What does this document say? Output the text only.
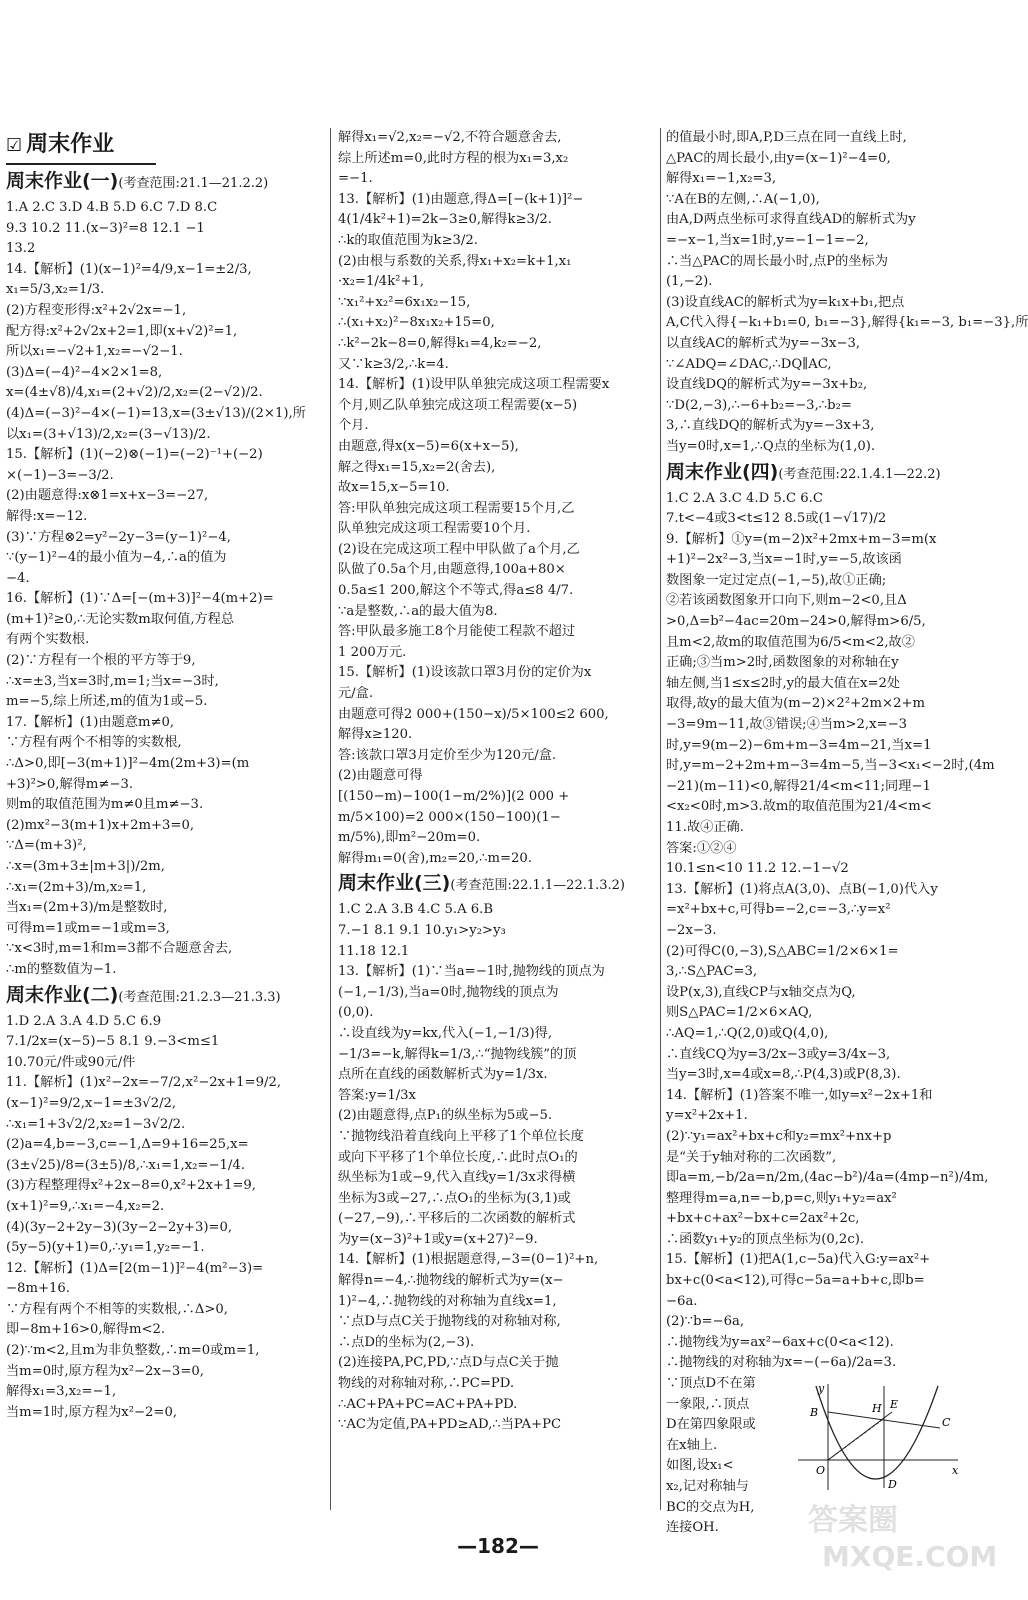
☑ 周末作业
周末作业(一)(考查范围:21.1—21.2.2)
1.A 2.C 3.D 4.B 5.D 6.C 7.D 8.C
9.3 10.2 11.(x−3)²=8 12.1 −1
13.2
14.【解析】(1)(x−1)²=4/9,x−1=±2/3,
x₁=5/3,x₂=1/3.
(2)方程变形得:x²+2√2x=−1,
配方得:x²+2√2x+2=1,即(x+√2)²=1,
所以x₁=−√2+1,x₂=−√2−1.
(3)Δ=(−4)²−4×2×1=8,
x=(4±√8)/4,x₁=(2+√2)/2,x₂=(2−√2)/2.
(4)Δ=(−3)²−4×(−1)=13,x=(3±√13)/(2×1),所
以x₁=(3+√13)/2,x₂=(3−√13)/2.
15.【解析】(1)(−2)⊗(−1)=(−2)⁻¹+(−2)
×(−1)−3=−3/2.
(2)由题意得:x⊗1=x+x−3=−27,
解得:x=−12.
(3)∵方程⊗2=y²−2y−3=(y−1)²−4,
∵(y−1)²−4的最小值为−4,∴a的值为
−4.
16.【解析】(1)∵Δ=[−(m+3)]²−4(m+2)=
(m+1)²≥0,∴无论实数m取何值,方程总
有两个实数根.
(2)∵方程有一个根的平方等于9,
∴x=±3,当x=3时,m=1;当x=−3时,
m=−5,综上所述,m的值为1或−5.
17.【解析】(1)由题意m≠0,
∵方程有两个不相等的实数根,
∴Δ>0,即[−3(m+1)]²−4m(2m+3)=(m
+3)²>0,解得m≠−3.
则m的取值范围为m≠0且m≠−3.
(2)mx²−3(m+1)x+2m+3=0,
∵Δ=(m+3)²,
∴x=(3m+3±|m+3|)/2m,
∴x₁=(2m+3)/m,x₂=1,
当x₁=(2m+3)/m是整数时,
可得m=1或m=−1或m=3,
∵x<3时,m=1和m=3都不合题意舍去,
∴m的整数值为−1.
周末作业(二)(考查范围:21.2.3—21.3.3)
1.D 2.A 3.A 4.D 5.C 6.9
7.1/2x=(x−5)−5 8.1 9.−3<m≤1
10.70元/件或90元/件
11.【解析】(1)x²−2x=−7/2,x²−2x+1=9/2,
(x−1)²=9/2,x−1=±3√2/2,
∴x₁=1+3√2/2,x₂=1−3√2/2.
(2)a=4,b=−3,c=−1,Δ=9+16=25,x=
(3±√25)/8=(3±5)/8,∴x₁=1,x₂=−1/4.
(3)方程整理得x²+2x−8=0,x²+2x+1=9,
(x+1)²=9,∴x₁=−4,x₂=2.
(4)(3y−2+2y−3)(3y−2−2y+3)=0,
(5y−5)(y+1)=0,∴y₁=1,y₂=−1.
12.【解析】(1)Δ=[2(m−1)]²−4(m²−3)=
−8m+16.
∵方程有两个不相等的实数根,∴Δ>0,
即−8m+16>0,解得m<2.
(2)∵m<2,且m为非负整数,∴m=0或m=1,
当m=0时,原方程为x²−2x−3=0,
解得x₁=3,x₂=−1,
当m=1时,原方程为x²−2=0,
解得x₁=√2,x₂=−√2,不符合题意舍去,
综上所述m=0,此时方程的根为x₁=3,x₂
=−1.
13.【解析】(1)由题意,得Δ=[−(k+1)]²−
4(1/4k²+1)=2k−3≥0,解得k≥3/2.
∴k的取值范围为k≥3/2.
(2)由根与系数的关系,得x₁+x₂=k+1,x₁
·x₂=1/4k²+1,
∵x₁²+x₂²=6x₁x₂−15,
∴(x₁+x₂)²−8x₁x₂+15=0,
∴k²−2k−8=0,解得k₁=4,k₂=−2,
又∵k≥3/2,∴k=4.
14.【解析】(1)设甲队单独完成这项工程需要x
个月,则乙队单独完成这项工程需要(x−5)
个月.
由题意,得x(x−5)=6(x+x−5),
解之得x₁=15,x₂=2(舍去),
故x=15,x−5=10.
答:甲队单独完成这项工程需要15个月,乙
队单独完成这项工程需要10个月.
(2)设在完成这项工程中甲队做了a个月,乙
队做了0.5a个月,由题意得,100a+80×
0.5a≤1 200,解这个不等式,得a≤8 4/7.
∵a是整数,∴a的最大值为8.
答:甲队最多施工8个月能使工程款不超过
1 200万元.
15.【解析】(1)设该款口罩3月份的定价为x
元/盒.
由题意可得2 000+(150−x)/5×100≤2 600,
解得x≥120.
答:该款口罩3月定价至少为120元/盒.
(2)由题意可得
[(150−m)−100(1−m/2%)](2 000 +
m/5×100)=2 000×(150−100)(1−
m/5%),即m²−20m=0.
解得m₁=0(舍),m₂=20,∴m=20.
周末作业(三)(考查范围:22.1.1—22.1.3.2)
1.C 2.A 3.B 4.C 5.A 6.B
7.−1 8.1 9.1 10.y₁>y₂>y₃
11.18 12.1
13.【解析】(1)∵当a=−1时,抛物线的顶点为
(−1,−1/3),当a=0时,抛物线的顶点为
(0,0).
∴设直线为y=kx,代入(−1,−1/3)得,
−1/3=−k,解得k=1/3,∴“抛物线簇”的顶
点所在直线的函数解析式为y=1/3x.
答案:y=1/3x
(2)由题意得,点P₁的纵坐标为5或−5.
∵抛物线沿着直线向上平移了1个单位长度
或向下平移了1个单位长度,∴此时点O₁的
纵坐标为1或−9,代入直线y=1/3x求得横
坐标为3或−27,∴点O₁的坐标为(3,1)或
(−27,−9),∴平移后的二次函数的解析式
为y=(x−3)²+1或y=(x+27)²−9.
14.【解析】(1)根据题意得,−3=(0−1)²+n,
解得n=−4,∴抛物线的解析式为y=(x−
1)²−4,∴抛物线的对称轴为直线x=1,
∵点D与点C关于抛物线的对称轴对称,
∴点D的坐标为(2,−3).
(2)连接PA,PC,PD,∵点D与点C关于抛
物线的对称轴对称,∴PC=PD.
∴AC+PA+PC=AC+PA+PD.
∵AC为定值,PA+PD≥AD,∴当PA+PC
的值最小时,即A,P,D三点在同一直线上时,
△PAC的周长最小,由y=(x−1)²−4=0,
解得x₁=−1,x₂=3,
∵A在B的左侧,∴A(−1,0),
由A,D两点坐标可求得直线AD的解析式为y
=−x−1,当x=1时,y=−1−1=−2,
∴当△PAC的周长最小时,点P的坐标为
(1,−2).
(3)设直线AC的解析式为y=k₁x+b₁,把点
A,C代入得{−k₁+b₁=0, b₁=−3},解得{k₁=−3, b₁=−3},所
以直线AC的解析式为y=−3x−3,
∵∠ADQ=∠DAC,∴DQ∥AC,
设直线DQ的解析式为y=−3x+b₂,
∵D(2,−3),∴−6+b₂=−3,∴b₂=
3,∴直线DQ的解析式为y=−3x+3,
当y=0时,x=1,∴Q点的坐标为(1,0).
周末作业(四)(考查范围:22.1.4.1—22.2)
1.C 2.A 3.C 4.D 5.C 6.C
7.t<−4或3<t≤12 8.5或(1−√17)/2
9.【解析】①y=(m−2)x²+2mx+m−3=m(x
+1)²−2x²−3,当x=−1时,y=−5,故该函
数图象一定过定点(−1,−5),故①正确;
②若该函数图象开口向下,则m−2<0,且Δ
>0,Δ=b²−4ac=20m−24>0,解得m>6/5,
且m<2,故m的取值范围为6/5<m<2,故②
正确;③当m>2时,函数图象的对称轴在y
轴左侧,当1≤x≤2时,y的最大值在x=2处
取得,故y的最大值为(m−2)×2²+2m×2+m
−3=9m−11,故③错误;④当m>2,x=−3
时,y=9(m−2)−6m+m−3=4m−21,当x=1
时,y=m−2+2m+m−3=4m−5,当−3<x₁<−2时,(4m
−21)(m−11)<0,解得21/4<m<11;同理−1
<x₂<0时,m>3.故m的取值范围为21/4<m<
11.故④正确.
答案:①②④
10.1≤n<10 11.2 12.−1−√2
13.【解析】(1)将点A(3,0)、点B(−1,0)代入y
=x²+bx+c,可得b=−2,c=−3,∴y=x²
−2x−3.
(2)可得C(0,−3),S△ABC=1/2×6×1=
3,∴S△PAC=3,
设P(x,3),直线CP与x轴交点为Q,
则S△PAC=1/2×6×AQ,
∴AQ=1,∴Q(2,0)或Q(4,0),
∴直线CQ为y=3/2x−3或y=3/4x−3,
当y=3时,x=4或x=8,∴P(4,3)或P(8,3).
14.【解析】(1)答案不唯一,如y=x²−2x+1和
y=x²+2x+1.
(2)∵y₁=ax²+bx+c和y₂=mx²+nx+p
是“关于y轴对称的二次函数”,
即a=m,−b/2a=n/2m,(4ac−b²)/4a=(4mp−n²)/4m,
整理得m=a,n=−b,p=c,则y₁+y₂=ax²
+bx+c+ax²−bx+c=2ax²+2c,
∴函数y₁+y₂的顶点坐标为(0,2c).
15.【解析】(1)把A(1,c−5a)代入G:y=ax²+
bx+c(0<a<12),可得c−5a=a+b+c,即b=
−6a.
(2)∵b=−6a,
∴抛物线为y=ax²−6ax+c(0<a<12).
∴抛物线的对称轴为x=−(−6a)/2a=3.
∵顶点D不在第
一象限,∴顶点
D在第四象限或
在x轴上.
如图,设x₁<
x₂,记对称轴与
BC的交点为H,
连接OH.
y
x
O
B	H E
C
D
—182—
答案圈
MXQE.COM
